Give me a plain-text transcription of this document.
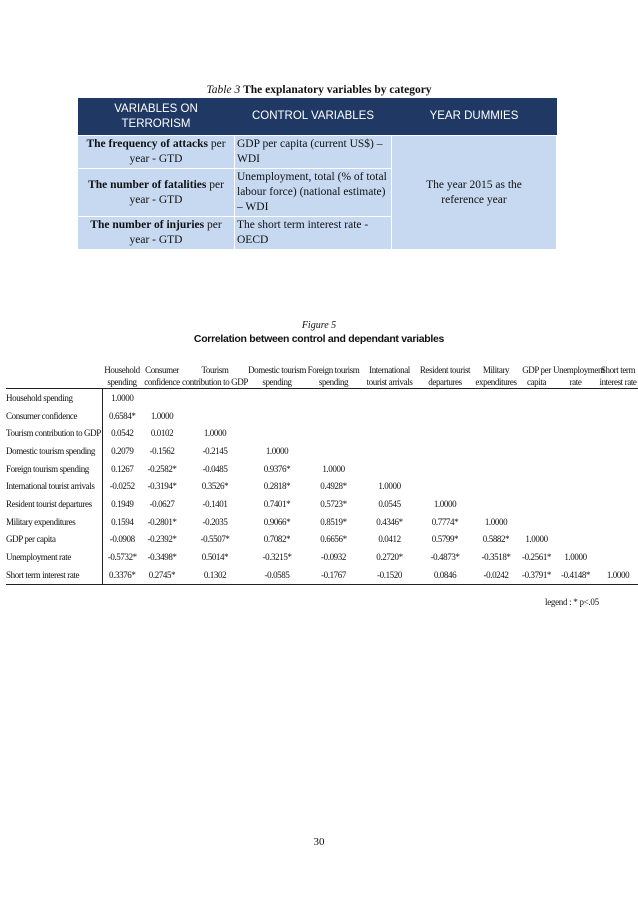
Table 3 The explanatory variables by category
VARIABLES ON TERRORISM	CONTROL VARIABLES	YEAR DUMMIES
The frequency of attacks per year - GTD	GDP per capita (current US$) – WDI	The year 2015 as the reference year
The number of fatalities per year - GTD	Unemployment, total (% of total labour force) (national estimate) – WDI	
The number of injuries per year - GTD	The short term interest rate - OECD	
Figure 5
Correlation between control and dependant variables
	Household spending	Consumer confidence	Tourism contribution to GDP	Domestic tourism spending	Foreign tourism spending	International tourist arrivals	Resident tourist departures	Military expenditures	GDP per capita	Unemployment rate	Short term interest rate
Household spending	1.0000										
Consumer confidence	0.6584*	1.0000									
Tourism contribution to GDP	0.0542	0.0102	1.0000								
Domestic tourism spending	0.2079	-0.1562	-0.2145	1.0000							
Foreign tourism spending	0.1267	-0.2582*	-0.0485	0.9376*	1.0000						
International tourist arrivals	-0.0252	-0.3194*	0.3526*	0.2818*	0.4928*	1.0000					
Resident tourist departures	0.1949	-0.0627	-0.1401	0.7401*	0.5723*	0.0545	1.0000				
Military expenditures	0.1594	-0.2801*	-0.2035	0.9066*	0.8519*	0.4346*	0.7774*	1.0000			
GDP per capita	-0.0908	-0.2392*	-0.5507*	0.7082*	0.6656*	0.0412	0.5799*	0.5882*	1.0000		
Unemployment rate	-0.5732*	-0.3498*	0.5014*	-0.3215*	-0.0932	0.2720*	-0.4873*	-0.3518*	-0.2561*	1.0000	
Short term interest rate	0.3376*	0.2745*	0.1302	-0.0585	-0.1767	-0.1520	0.0846	-0.0242	-0.3791*	-0.4148*	1.0000
legend : * p<.05
30
